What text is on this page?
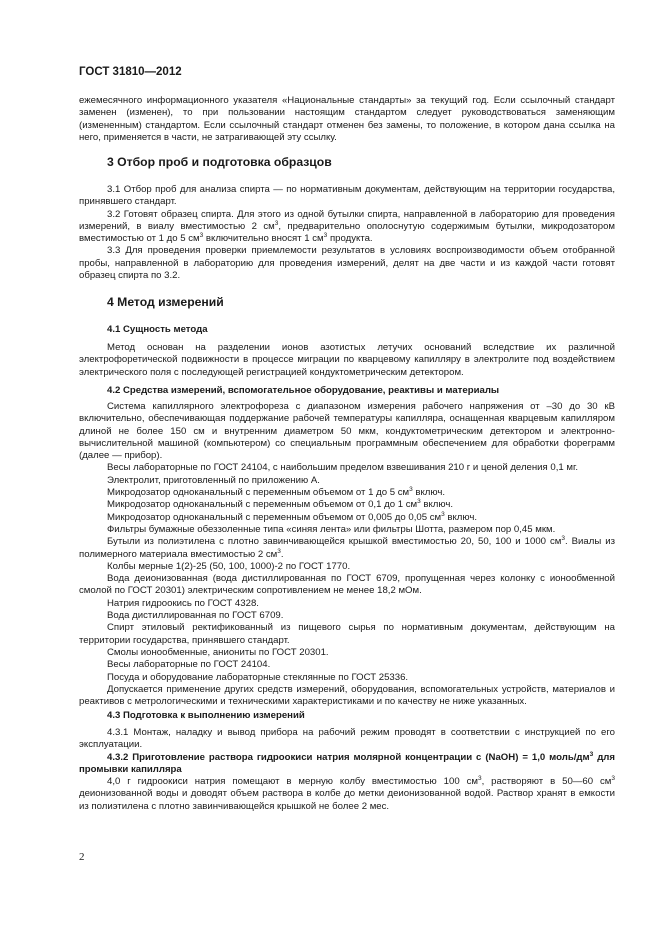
ГОСТ 31810—2012

ежемесячного информационного указателя «Национальные стандарты» за текущий год. Если ссылочный стандарт заменен (изменен), то при пользовании настоящим стандартом следует руководствоваться заменяющим (измененным) стандартом. Если ссылочный стандарт отменен без замены, то положение, в котором дана ссылка на него, применяется в части, не затрагивающей эту ссылку.

3 Отбор проб и подготовка образцов

3.1 Отбор проб для анализа спирта — по нормативным документам, действующим на территории государства, принявшего стандарт.

3.2 Готовят образец спирта. Для этого из одной бутылки спирта, направленной в лабораторию для проведения измерений, в виалу вместимостью 2 $см^3$, предварительно ополоснутую содержимым бутылки, микродозатором вместимостью от 1 до 5 $см^3$ включительно вносят 1 $см^3$ продукта.

3.3 Для проведения проверки приемлемости результатов в условиях воспроизводимости объем отобранной пробы, направленной в лабораторию для проведения измерений, делят на две части и из каждой части готовят образец спирта по 3.2.

4 Метод измерений
4.1 Сущность метода

Метод основан на разделении ионов азотистых летучих оснований вследствие их различной электрофоретической подвижности в процессе миграции по кварцевому капилляру в электролите под воздействием электрического поля с последующей регистрацией кондуктометрическим детектором.

4.2 Средства измерений, вспомогательное оборудование, реактивы и материалы

Система капиллярного электрофореза с диапазоном измерения рабочего напряжения от –30 до 30 кВ включительно, обеспечивающая поддержание рабочей температуры капилляра, оснащенная кварцевым капилляром длиной не более 150 см и внутренним диаметром 50 мкм, кондуктометрическим детектором и электронно-вычислительной машиной (компьютером) со специальным программным обеспечением для обработки фореграмм (далее — прибор).

Весы лабораторные по ГОСТ 24104, с наибольшим пределом взвешивания 210 г и ценой деления 0,1 мг.

Электролит, приготовленный по приложению А.

Микродозатор одноканальный с переменным объемом от 1 до 5 $см^3$ включ.

Микродозатор одноканальный с переменным объемом от 0,1 до 1 $см^3$ включ.

Микродозатор одноканальный с переменным объемом от 0,005 до 0,05 $см^3$ включ.

Фильтры бумажные обеззоленные типа «синяя лента» или фильтры Шотта, размером пор 0,45 мкм.

Бутыли из полиэтилена с плотно завинчивающейся крышкой вместимостью 20, 50, 100 и 1000 $см^3$. Виалы из полимерного материала вместимостью 2 $см^3$.

Колбы мерные 1(2)-25 (50, 100, 1000)-2 по ГОСТ 1770.

Вода деионизованная (вода дистиллированная по ГОСТ 6709, пропущенная через колонку с ионообменной смолой по ГОСТ 20301) электрическим сопротивлением не менее 18,2 мОм.

Натрия гидроокись по ГОСТ 4328.

Вода дистиллированная по ГОСТ 6709.

Спирт этиловый ректификованный из пищевого сырья по нормативным документам, действующим на территории государства, принявшего стандарт.

Смолы ионообменные, аниониты по ГОСТ 20301.

Весы лабораторные по ГОСТ 24104.

Посуда и оборудование лабораторные стеклянные по ГОСТ 25336.

Допускается применение других средств измерений, оборудования, вспомогательных устройств, материалов и реактивов с метрологическими и техническими характеристиками и по качеству не ниже указанных.

4.3 Подготовка к выполнению измерений

4.3.1 Монтаж, наладку и вывод прибора на рабочий режим проводят в соответствии с инструкцией по его эксплуатации.

4.3.2 Приготовление раствора гидроокиси натрия молярной концентрации c (NaOH) = 1,0 моль/$дм^3$ для промывки капилляра

4,0 г гидроокиси натрия помещают в мерную колбу вместимостью 100 $см^3$, растворяют в 50—60 $см^3$ деионизованной воды и доводят объем раствора в колбе до метки деионизованной водой. Раствор хранят в емкости из полиэтилена с плотно завинчивающейся крышкой не более 2 мес.

2
